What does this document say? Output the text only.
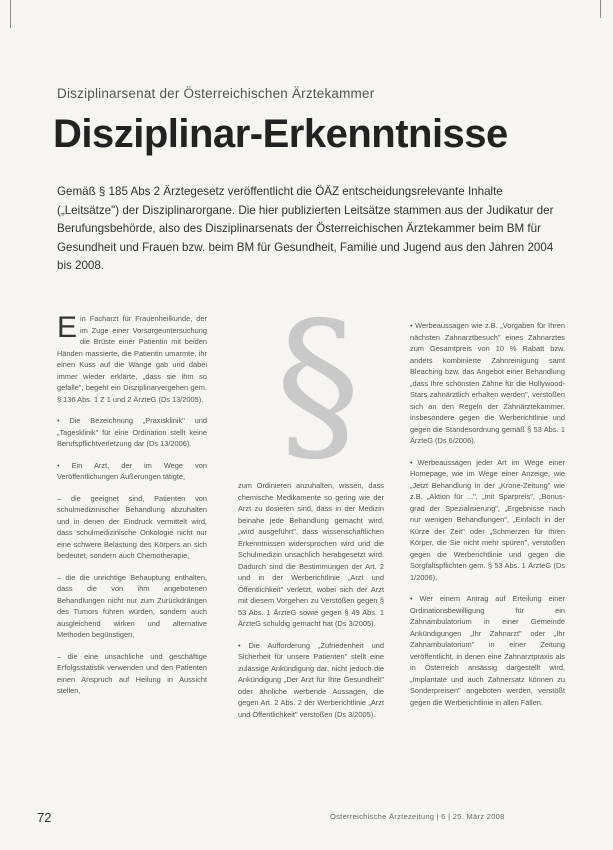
Disziplinarsenat der Österreichischen Ärztekammer
Disziplinar-Erkenntnisse
Gemäß § 185 Abs 2 Ärztegesetz veröffentlicht die ÖÄZ entscheidungsrelevante Inhalte („Leitsätze") der Disziplinarorgane. Die hier publizierten Leitsätze stammen aus der Judikatur der Berufungsbehörde, also des Disziplinarsenats der Österreichischen Ärztekammer beim BM für Gesundheit und Frauen bzw. beim BM für Gesundheit, Familie und Jugend aus den Jahren 2004 bis 2008.
§

Ein Facharzt für Frauenheilkunde, der im Zuge einer Vorsorgeuntersuchung die Brüste einer Patientin mit beiden Händen massierte, die Patientin umarmte, ihr einen Kuss auf die Wange gab und dabei immer wieder erklärte, „dass sie ihm so gefalle", begeht ein Disziplinarvergehen gem. § 136 Abs. 1 Z 1 und 2 ÄrzteG (Ds 13/2005).

• Die Bezeichnung „Praxisklinik" und „Tagesklinik" für eine Ordination stellt keine Berufspflichtverletzung dar (Ds 13/2006).

• Ein Arzt, der im Wege von Veröffentlichungen Äußerungen tätigte,

– die geeignet sind, Patienten von schulmedizinischer Behandlung abzuhalten und in denen der Eindruck vermittelt wird, dass schulmedizinische Onkologie nicht nur eine schwere Belastung des Körpers an sich bedeutet, sondern auch Chemotherapie,

– die die unrichtige Behauptung enthalten, dass die von ihm angebotenen Behandlungen nicht nur zum Zurückdrängen des Tumors führen würden, sondern auch ausgleichend wirken und alternative Methoden begünstigen,

– die eine unsachliche und geschäftige Erfolgsstatistik verwenden und den Patienten einen Anspruch auf Heilung in Aussicht stellen,

zum Ordinieren anzuhalten, wissen, dass chemische Medikamente so gering wie der Arzt zu dosieren sind, dass in der Medizin beinahe jede Behandlung gemacht wird, „wird ausgeführt", dass wissenschaftlichen Erkenntnissen widersprochen wird und die Schulmedizin unsachlich herabgesetzt wird. Dadurch sind die Bestimmungen der Art. 2 und in der Werberichtlinie „Arzt und Öffentlichkeit" verletzt, wobei sich der Arzt mit diesem Vorgehen zu Verstößen gegen § 53 Abs. 1 ÄrzteG sowie gegen § 49 Abs. 1 ÄrzteG schuldig gemacht hat (Ds 3/2005).

• Die Aufforderung „Zufriedenheit und Sicherheit für unsere Patienten" stellt eine zulässige Ankündigung dar, nicht jedoch die Ankündigung „Der Arzt für Ihre Gesundheit" oder ähnliche werbende Aussagen, die gegen Art. 2 Abs. 2 der Werberichtlinie „Arzt und Öffentlichkeit" verstoßen (Ds 3/2005).

• Werbeaussagen wie z.B. „Vorgaben für Ihren nächsten Zahnarztbesuch" eines Zahnarztes zum Gesamtpreis von 10 % Rabatt bzw. anders kombinierte Zahnreinigung samt Bleaching bzw. das Angebot einer Behandlung „dass Ihre schönsten Zähne für die Hollywood-Stars zahnärztlich erhalten werden", verstoßen sich an den Regeln der Zahnärztekammer, insbesondere gegen die Werberichtlinie und gegen die Standesordnung gemäß § 53 Abs. 1 ÄrzteG (Ds 6/2006).

• Werbeaussagen jeder Art im Wege einer Homepage, wie im Wege einer Anzeige, wie „Jetzt Behandlung in der „Krone-Zeitung" wie z.B. „Aktion für ...", „mit Sparpreis", „Bonus-grad der Spezialisierung", „Ergebnisse nach nur wenigen Behandlungen", „Einfach in der Kürze der Zeit" oder „Schmerzen für Ihren Körper, die Sie nicht mehr spüren", verstoßen gegen die Werberichtlinie und gegen die Sorgfaltspflichten gem. § 53 Abs. 1 ÄrzteG (Ds 1/2006).

• Wer einem Antrag auf Erteilung einer Ordinationsbewilligung für ein Zahnambulatorium in einer Gemeinde Ankündigungen „Ihr Zahnarzt" oder „Ihr Zahnambulatorium" in einer Zeitung veröffentlicht, in denen eine Zahnarztpraxis als in Österreich ansässig dargestellt wird, „Implantate und auch Zahnersatz können zu Sonderpreisen" angeboten werden, verstößt gegen die Werberichtlinie in allen Fällen.

72	Österreichische Ärztezeitung | 6 | 25. März 2008
